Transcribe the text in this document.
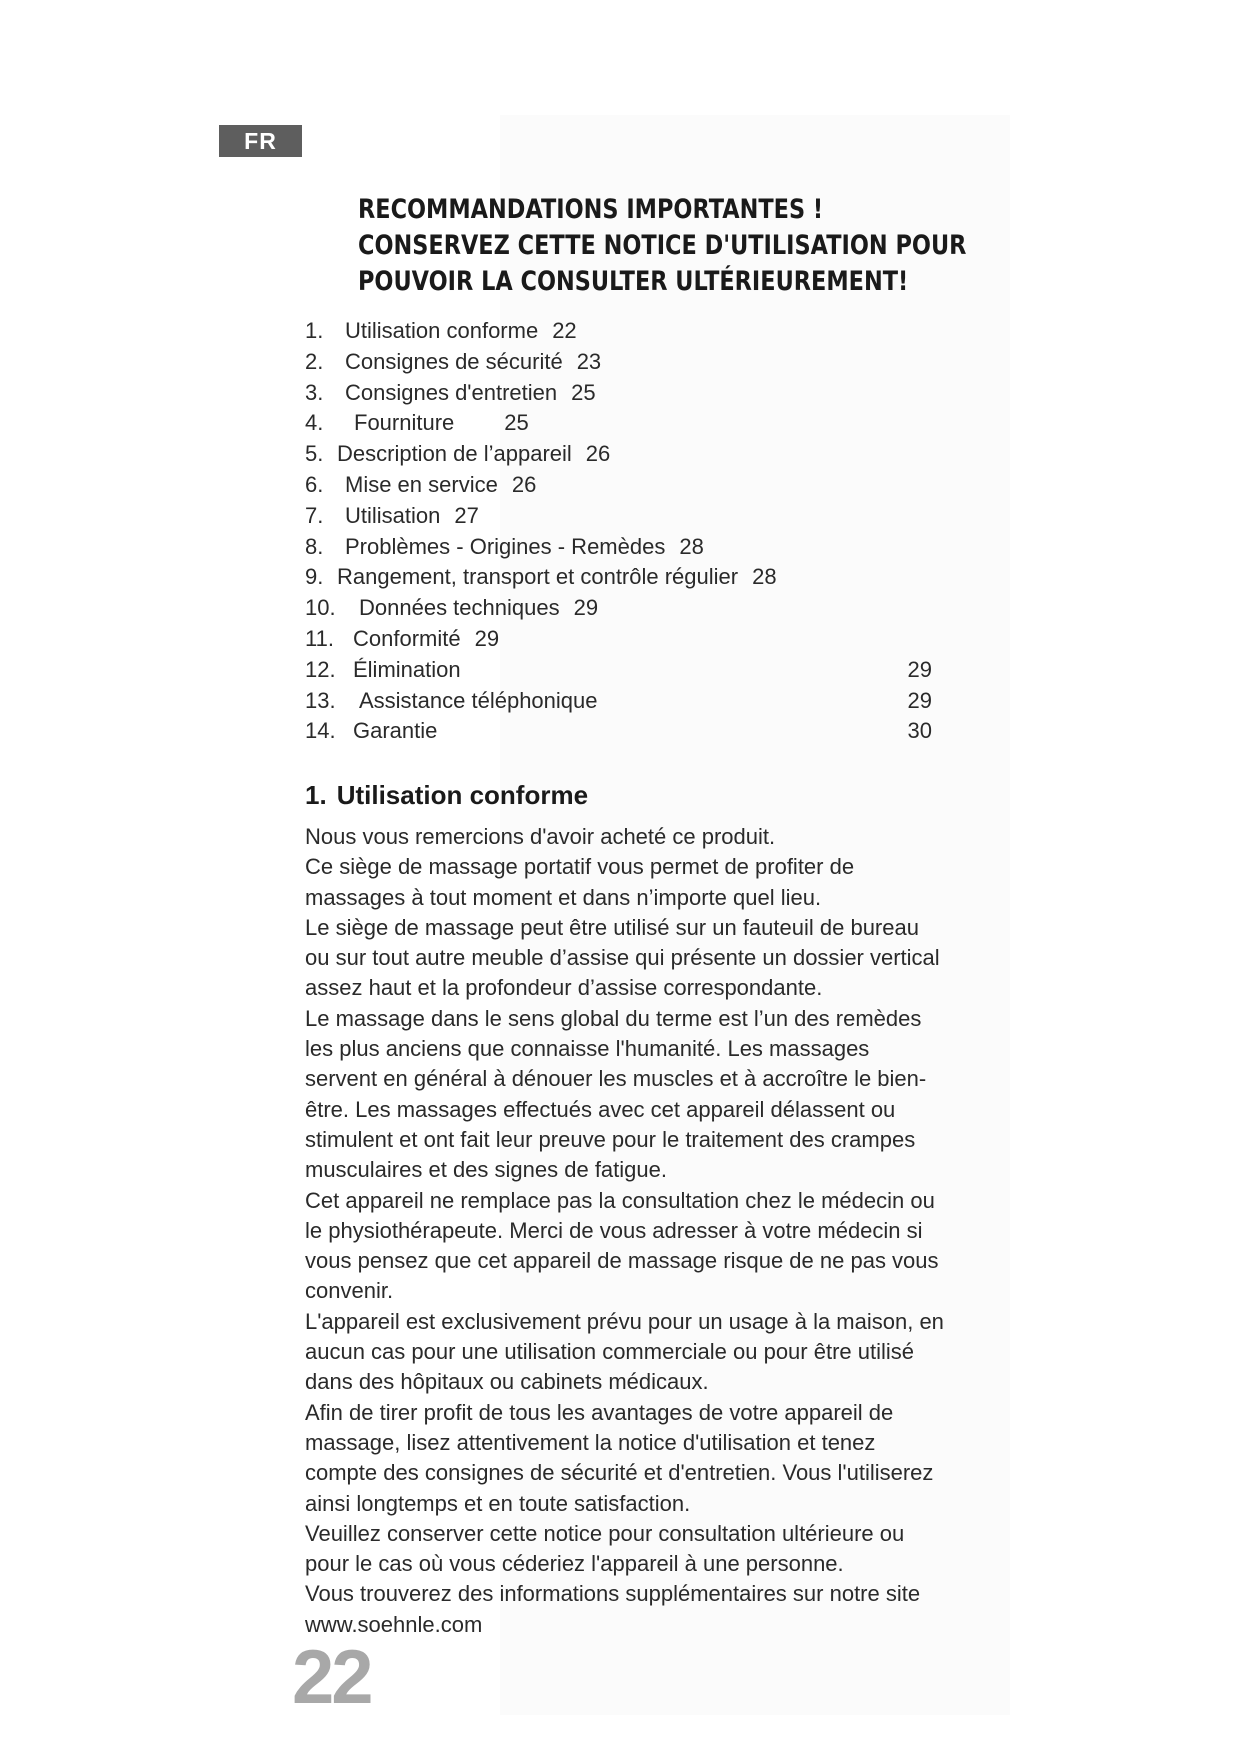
FR
RECOMMANDATIONS IMPORTANTES !
CONSERVEZ CETTE NOTICE D'UTILISATION POUR
POUVOIR LA CONSULTER ULTÉRIEUREMENT!
1. Utilisation conforme 22
2. Consignes de sécurité 23
3. Consignes d'entretien 25
4. Fourniture 25
5. Description de l’appareil 26
6. Mise en service 26
7. Utilisation 27
8. Problèmes - Origines - Remèdes 28
9. Rangement, transport et contrôle régulier 28
10. Données techniques 29
11. Conformité 29
12. Élimination	29
13. Assistance téléphonique	29
14. Garantie	30
1. Utilisation conforme

Nous vous remercions d'avoir acheté ce produit.

Ce siège de massage portatif vous permet de profiter de massages à tout moment et dans n’importe quel lieu.

Le siège de massage peut être utilisé sur un fauteuil de bureau ou sur tout autre meuble d’assise qui présente un dossier vertical assez haut et la profondeur d’assise correspondante.

Le massage dans le sens global du terme est l’un des remèdes les plus anciens que connaisse l'humanité. Les massages servent en général à dénouer les muscles et à accroître le bien-être. Les massages effectués avec cet appareil délassent ou stimulent et ont fait leur preuve pour le traitement des crampes musculaires et des signes de fatigue.

Cet appareil ne remplace pas la consultation chez le médecin ou le physiothérapeute. Merci de vous adresser à votre médecin si vous pensez que cet appareil de massage risque de ne pas vous convenir.

L'appareil est exclusivement prévu pour un usage à la maison, en aucun cas pour une utilisation commerciale ou pour être utilisé dans des hôpitaux ou cabinets médicaux.

Afin de tirer profit de tous les avantages de votre appareil de massage, lisez attentivement la notice d'utilisation et tenez compte des consignes de sécurité et d'entretien. Vous l'utiliserez ainsi longtemps et en toute satisfaction.

Veuillez conserver cette notice pour consultation ultérieure ou pour le cas où vous céderiez l'appareil à une personne.

Vous trouverez des informations supplémentaires sur notre site www.soehnle.com

22
